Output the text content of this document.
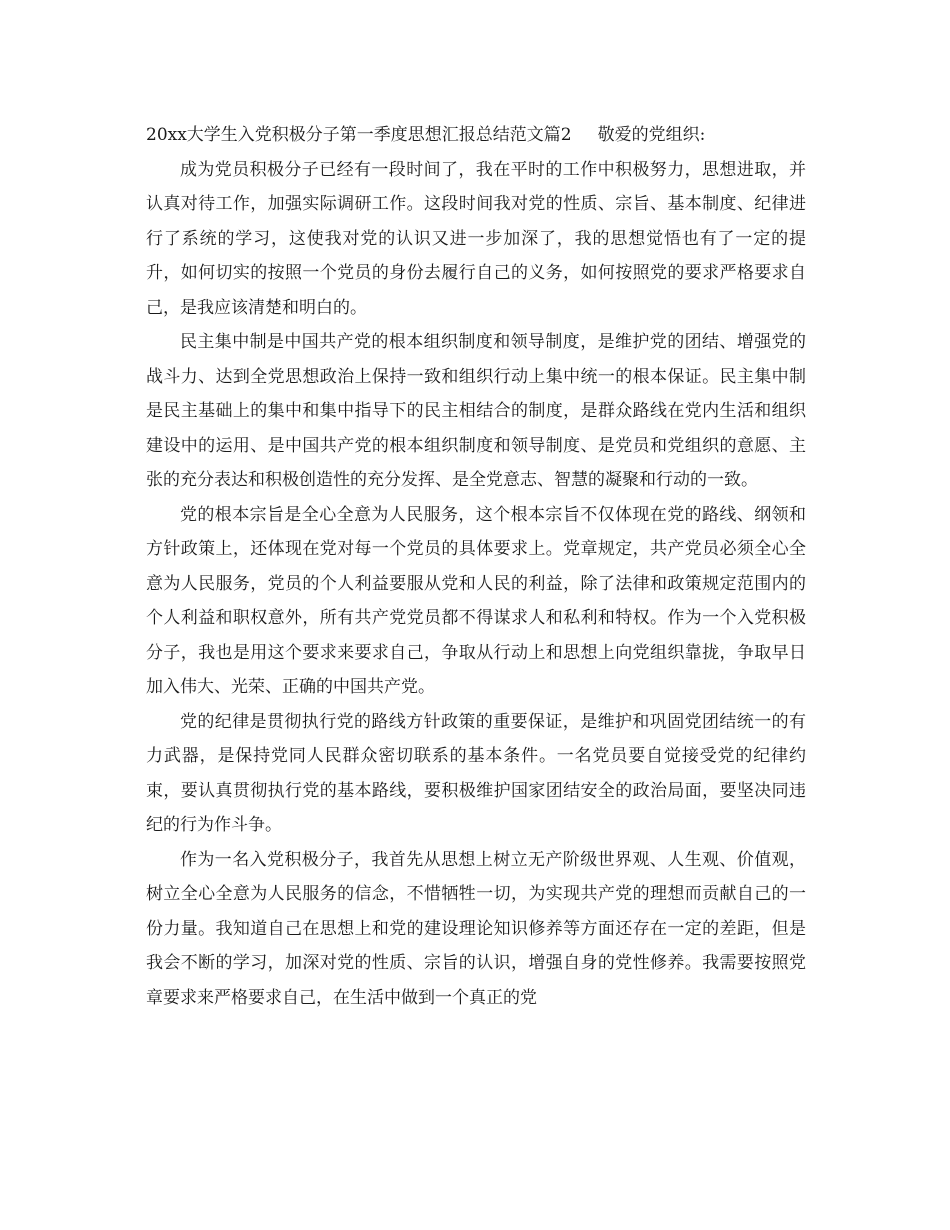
20xx大学生入党积极分子第一季度思想汇报总结范文篇2 敬爱的党组织:

成为党员积极分子已经有一段时间了，我在平时的工作中积极努力，思想进取，并认真对待工作，加强实际调研工作。这段时间我对党的性质、宗旨、基本制度、纪律进行了系统的学习，这使我对党的认识又进一步加深了，我的思想觉悟也有了一定的提升，如何切实的按照一个党员的身份去履行自己的义务，如何按照党的要求严格要求自己，是我应该清楚和明白的。

民主集中制是中国共产党的根本组织制度和领导制度，是维护党的团结、增强党的战斗力、达到全党思想政治上保持一致和组织行动上集中统一的根本保证。民主集中制是民主基础上的集中和集中指导下的民主相结合的制度，是群众路线在党内生活和组织建设中的运用、是中国共产党的根本组织制度和领导制度、是党员和党组织的意愿、主张的充分表达和积极创造性的充分发挥、是全党意志、智慧的凝聚和行动的一致。

党的根本宗旨是全心全意为人民服务，这个根本宗旨不仅体现在党的路线、纲领和方针政策上，还体现在党对每一个党员的具体要求上。党章规定，共产党员必须全心全意为人民服务，党员的个人利益要服从党和人民的利益，除了法律和政策规定范围内的个人利益和职权意外，所有共产党党员都不得谋求人和私利和特权。作为一个入党积极分子，我也是用这个要求来要求自己，争取从行动上和思想上向党组织靠拢，争取早日加入伟大、光荣、正确的中国共产党。

党的纪律是贯彻执行党的路线方针政策的重要保证，是维护和巩固党团结统一的有力武器，是保持党同人民群众密切联系的基本条件。一名党员要自觉接受党的纪律约束，要认真贯彻执行党的基本路线，要积极维护国家团结安全的政治局面，要坚决同违纪的行为作斗争。

作为一名入党积极分子，我首先从思想上树立无产阶级世界观、人生观、价值观，树立全心全意为人民服务的信念，不惜牺牲一切，为实现共产党的理想而贡献自己的一份力量。我知道自己在思想上和党的建设理论知识修养等方面还存在一定的差距，但是我会不断的学习，加深对党的性质、宗旨的认识，增强自身的党性修养。我需要按照党章要求来严格要求自己，在生活中做到一个真正的党
